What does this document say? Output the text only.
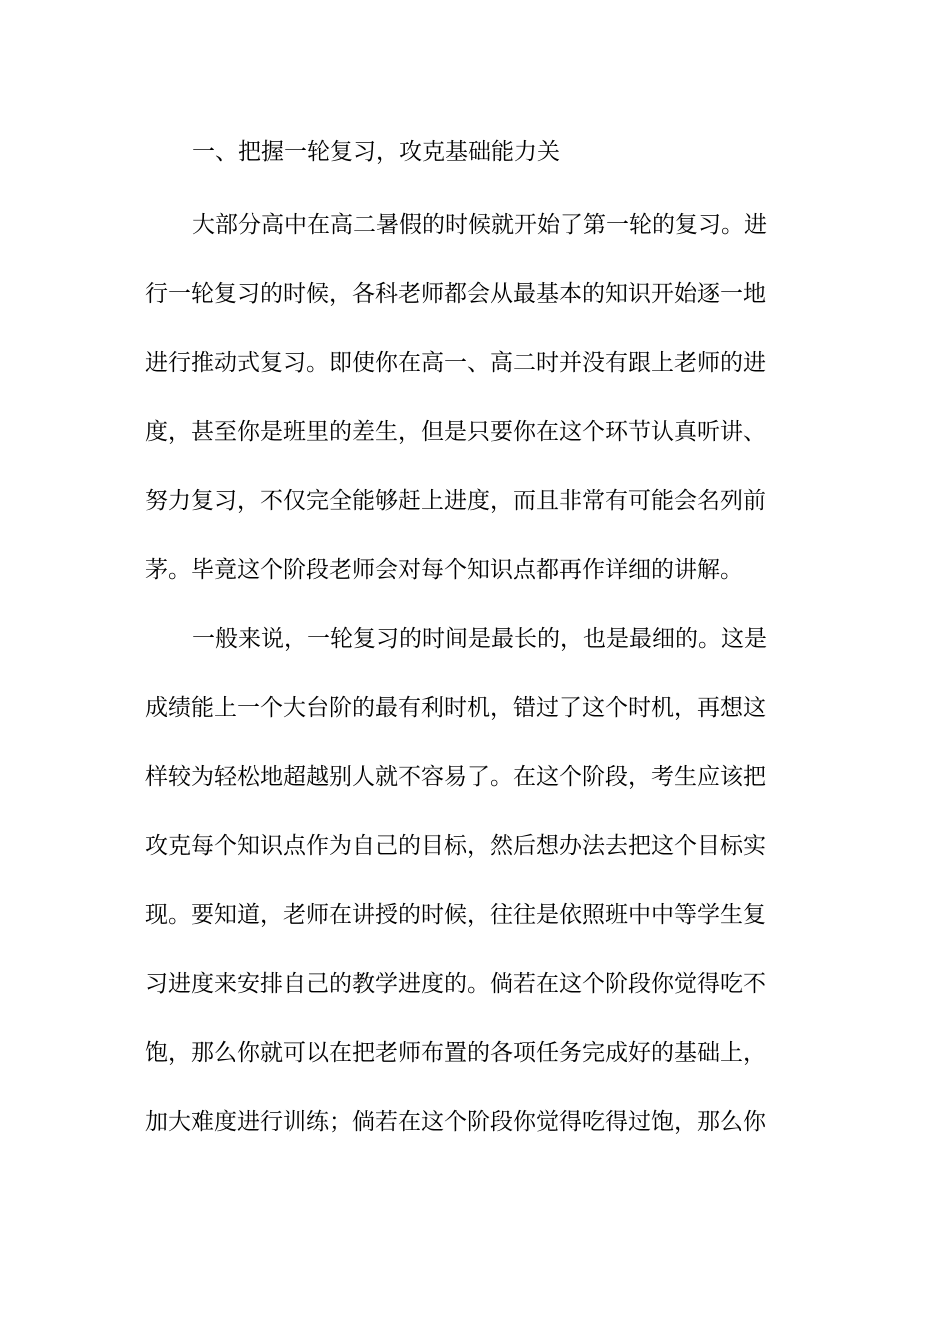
一、把握一轮复习，攻克基础能力关
大部分高中在高二暑假的时候就开始了第一轮的复习。进
行一轮复习的时候，各科老师都会从最基本的知识开始逐一地
进行推动式复习。即使你在高一、高二时并没有跟上老师的进
度，甚至你是班里的差生，但是只要你在这个环节认真听讲、
努力复习，不仅完全能够赶上进度，而且非常有可能会名列前
茅。毕竟这个阶段老师会对每个知识点都再作详细的讲解。
一般来说，一轮复习的时间是最长的，也是最细的。这是
成绩能上一个大台阶的最有利时机，错过了这个时机，再想这
样较为轻松地超越别人就不容易了。在这个阶段，考生应该把
攻克每个知识点作为自己的目标，然后想办法去把这个目标实
现。要知道，老师在讲授的时候，往往是依照班中中等学生复
习进度来安排自己的教学进度的。倘若在这个阶段你觉得吃不
饱，那么你就可以在把老师布置的各项任务完成好的基础上，
加大难度进行训练；倘若在这个阶段你觉得吃得过饱，那么你
